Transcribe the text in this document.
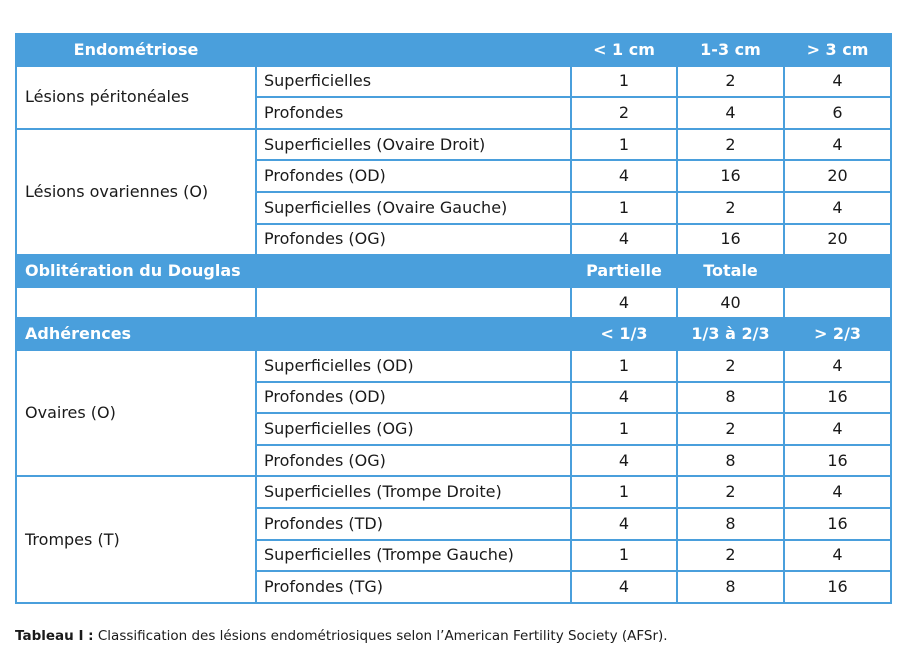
Endométriose		< 1 cm	1-3 cm	> 3 cm
Lésions péritonéales	Superficielles	1	2	4
	Profondes	2	4	6
Lésions ovariennes (O)	Superficielles (Ovaire Droit)	1	2	4
	Profondes (OD)	4	16	20
	Superficielles (Ovaire Gauche)	1	2	4
	Profondes (OG)	4	16	20
Oblitération du Douglas		Partielle	Totale	
		4	40	
Adhérences		< 1/3	1/3 à 2/3	> 2/3
Ovaires (O)	Superficielles (OD)	1	2	4
	Profondes (OD)	4	8	16
	Superficielles (OG)	1	2	4
	Profondes (OG)	4	8	16
Trompes (T)	Superficielles (Trompe Droite)	1	2	4
	Profondes (TD)	4	8	16
	Superficielles (Trompe Gauche)	1	2	4
	Profondes (TG)	4	8	16
Tableau I : Classification des lésions endométriosiques selon l’American Fertility Society (AFSr).
